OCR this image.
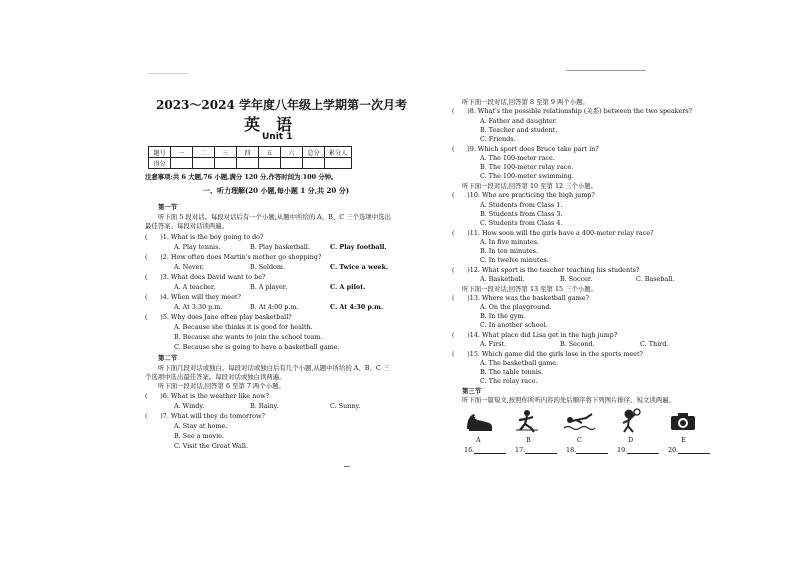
2023～2024 学年度八年级上学期第一次月考
英　语
Unit 1
题号	一	二	三	四	五	六	总分	累分人
得分								
注意事项:共 6 大题,76 小题,满分 120 分,作答时间为 100 分钟。
一、听力理解(20 小题,每小题 1 分,共 20 分)
第一节
听下面 5 段对话。每段对话后有一个小题,从题中所给的 A、B、C 三个选项中选出
最佳答案。每段对话读两遍。
(　　)1. What is the boy going to do?
A. Play tennis.	B. Play basketball.	C. Play football.
(　　)2. How often does Martin's mother go shopping?
A. Never.	B. Seldom.	C. Twice a week.
(　　)3. What does David want to be?
A. A teacher.	B. A player.	C. A pilot.
(　　)4. When will they meet?
A. At 3:30 p.m.	B. At 4:00 p.m.	C. At 4:30 p.m.
(　　)5. Why does Jane often play basketball?
A. Because she thinks it is good for health.
B. Because she wants to join the school team.
C. Because she is going to have a basketball game.
第二节
听下面几段对话或独白。每段对话或独白后有几个小题,从题中所给的 A、B、C 三
个选项中选出最佳答案。每段对话或独白读两遍。
听下面一段对话,回答第 6 至第 7 两个小题。
(　　)6. What is the weather like now?
A. Windy.	B. Rainy.	C. Sunny.
(　　)7. What will they do tomorrow?
A. Stay at home.
B. See a movie.
C. Visit the Great Wall.
听下面一段对话,回答第 8 至第 9 两个小题。
(　　)8. What's the possible relationship (关系) between the two speakers?
A. Father and daughter.
B. Teacher and student.
C. Friends.
(　　)9. Which sport does Bruce take part in?
A. The 100-meter race.
B. The 100-meter relay race.
C. The 100-meter swimming.
听下面一段对话,回答第 10 至第 12 三个小题。
(　　)10. Who are practicing the high jump?
A. Students from Class 1.
B. Students from Class 3.
C. Students from Class 4.
(　　)11. How soon will the girls have a 400-meter relay race?
A. In five minutes.
B. In ten minutes.
C. In twelve minutes.
(　　)12. What sport is the teacher teaching his students?
A. Basketball.	B. Soccer.	C. Baseball.
听下面一段对话,回答第 13 至第 15 三个小题。
(　　)13. Where was the basketball game?
A. On the playground.
B. In the gym.
C. In another school.
(　　)14. What place did Lisa get in the high jump?
A. First.	B. Second.	C. Third.
(　　)15. Which game did the girls lose in the sports meet?
A. The basketball game.
B. The table tennis.
C. The relay race.
第三节
听下面一篇短文,按照你所听内容的先后顺序将下列图片排序。短文读两遍。
A	B	C	D	E
16.	17.	18.	19.	20.
